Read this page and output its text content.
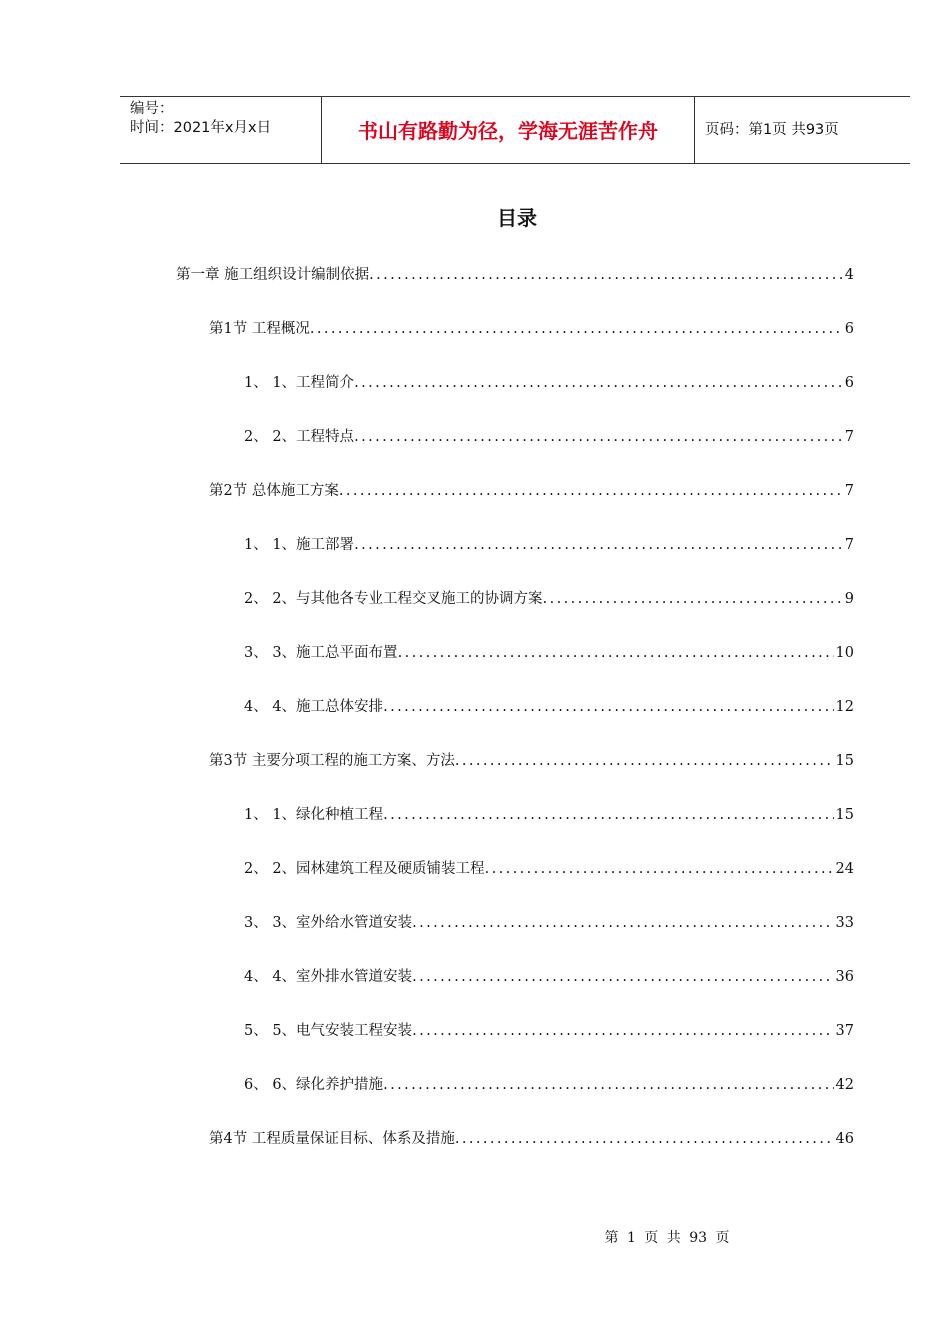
编号：
时间：2021年x月x日	书山有路勤为径，学海无涯苦作舟	页码：第1页 共93页
目录
第一章 施工组织设计编制依据 .....	4
第1节 工程概况 .....	6
1、 1、工程简介 .....	6
2、 2、工程特点 .....	7
第2节 总体施工方案 .....	7
1、 1、施工部署 .....	7
2、 2、与其他各专业工程交叉施工的协调方案 .....	9
3、 3、施工总平面布置 .....	10
4、 4、施工总体安排 .....	12
第3节 主要分项工程的施工方案、方法 .....	15
1、 1、绿化种植工程 .....	15
2、 2、园林建筑工程及硬质铺装工程 .....	24
3、 3、室外给水管道安装 .....	33
4、 4、室外排水管道安装 .....	36
5、 5、电气安装工程安装 .....	37
6、 6、绿化养护措施 .....	42
第4节 工程质量保证目标、体系及措施 .....	46
第 1 页 共 93 页
